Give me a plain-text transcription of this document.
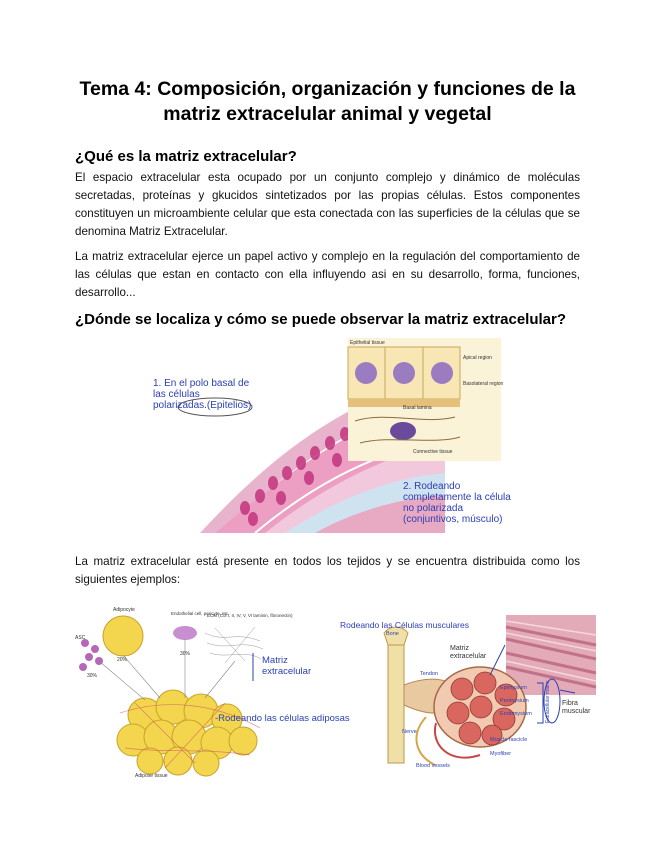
Tema 4: Composición, organización y funciones de la matriz extracelular animal y vegetal
¿Qué es la matriz extracelular?
El espacio extracelular esta ocupado por un conjunto complejo y dinámico de moléculas secretadas, proteínas y gkucidos sintetizados por las propias células. Estos componentes constituyen un microambiente celular que esta conectada con las superficies de la células que se denomina Matriz Extracelular.
La matriz extracelular ejerce un papel activo y complejo en la regulación del comportamiento de las células que estan en contacto con ella influyendo asi en su desarrollo, forma, funciones, desarrollo...
¿Dónde se localiza y cómo se puede observar la matriz extracelular?
Epithelial tissue
Apical region
Basolateral region
Basal lamina
Connective tissue
1. En el polo basal de las células polarizadas.(Epitelios)
2. Rodeando completamente la célula no polarizada (conjuntivos, músculo)
La matriz extracelular está presente en todos los tejidos y se encuentra distribuida como los siguientes ejemplos:
Adipocyte
Endothelial cell, pericyte, etc.
ECM (Col I, II, IV, V, VI laminin, fibronectin)
ASC
20%
30%
30%
Adipose tissue
Matriz extracelular
-Rodeando las células adiposas
Bone
Tendon
Epimysium
Perimysium
Endomysium
Muscle fascicle
Nerve
Myofiber
Blood vessels
Extracellular matrix
Rodeando las Células musculares
Matriz extracelular
Fibra muscular
